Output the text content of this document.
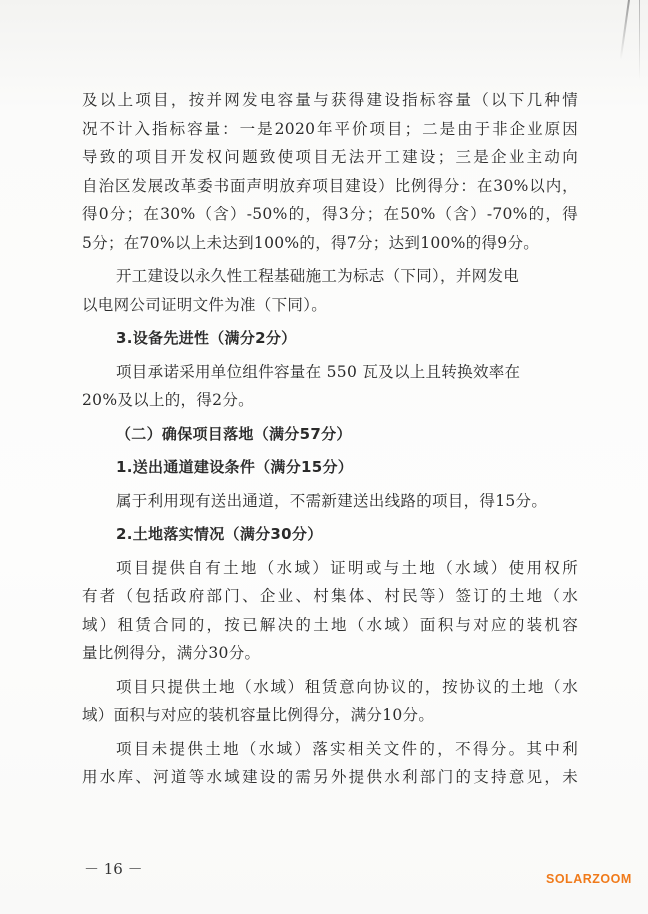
及以上项目，按并网发电容量与获得建设指标容量（以下几种情
况不计入指标容量：一是2020年平价项目；二是由于非企业原因
导致的项目开发权问题致使项目无法开工建设；三是企业主动向
自治区发展改革委书面声明放弃项目建设）比例得分：在30%以内，
得0分；在30%（含）-50%的，得3分；在50%（含）-70%的，得
5分；在70%以上未达到100%的，得7分；达到100%的得9分。
开工建设以永久性工程基础施工为标志（下同），并网发电
以电网公司证明文件为准（下同）。
3.设备先进性（满分2分）
项目承诺采用单位组件容量在 550 瓦及以上且转换效率在
20%及以上的，得2分。
（二）确保项目落地（满分57分）
1.送出通道建设条件（满分15分）
属于利用现有送出通道，不需新建送出线路的项目，得15分。
2.土地落实情况（满分30分）
项目提供自有土地（水域）证明或与土地（水域）使用权所
有者（包括政府部门、企业、村集体、村民等）签订的土地（水
域）租赁合同的，按已解决的土地（水域）面积与对应的装机容
量比例得分，满分30分。
项目只提供土地（水域）租赁意向协议的，按协议的土地（水
域）面积与对应的装机容量比例得分，满分10分。
项目未提供土地（水域）落实相关文件的，不得分。其中利
用水库、河道等水域建设的需另外提供水利部门的支持意见，未
－ 16 －
SOLARZOOM
